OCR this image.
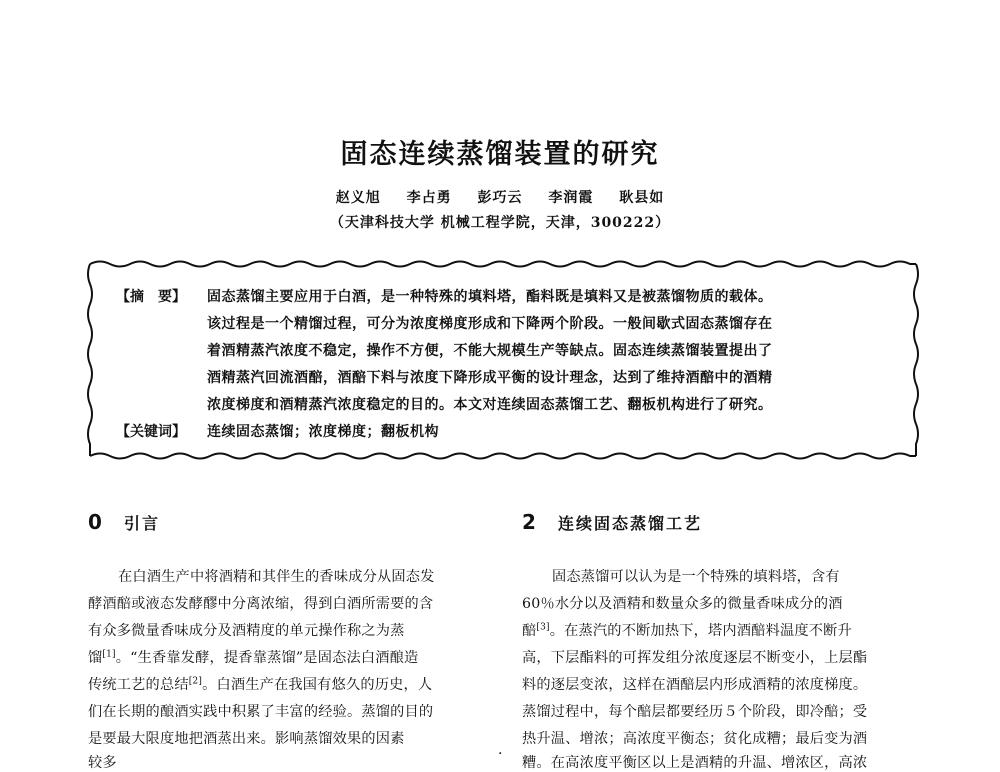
固态连续蒸馏装置的研究
赵义旭 李占勇 彭巧云 李润霞 耿县如
（天津科技大学 机械工程学院，天津，300222）
【摘　要】 固态蒸馏主要应用于白酒，是一种特殊的填料塔，酯料既是填料又是被蒸馏物质的载体。
该过程是一个精馏过程，可分为浓度梯度形成和下降两个阶段。一般间歇式固态蒸馏存在
着酒精蒸汽浓度不稳定，操作不方便，不能大规模生产等缺点。固态连续蒸馏装置提出了
酒精蒸汽回流酒醅，酒醅下料与浓度下降形成平衡的设计理念，达到了维持酒醅中的酒精
浓度梯度和酒精蒸汽浓度稳定的目的。本文对连续固态蒸馏工艺、翻板机构进行了研究。
【关键词】 连续固态蒸馏；浓度梯度；翻板机构
0 引言
在白酒生产中将酒精和其伴生的香味成分从固态发
酵酒醅或液态发酵醪中分离浓缩，得到白酒所需要的含
有众多微量香味成分及酒精度的单元操作称之为蒸
馏[1]。“生香靠发酵，提香靠蒸馏”是固态法白酒酿造
传统工艺的总结[2]。白酒生产在我国有悠久的历史，人
们在长期的酿酒实践中积累了丰富的经验。蒸馏的目的
是要最大限度地把酒蒸出来。影响蒸馏效果的因素
较多
2 连续固态蒸馏工艺
固态蒸馏可以认为是一个特殊的填料塔，含有
60％水分以及酒精和数量众多的微量香味成分的酒
醅[3]。在蒸汽的不断加热下，塔内酒醅料温度不断升
高，下层酯料的可挥发组分浓度逐层不断变小，上层酯
料的逐层变浓，这样在酒醅层内形成酒精的浓度梯度。
蒸馏过程中，每个醅层都要经历５个阶段，即冷醅；受
热升温、增浓；高浓度平衡态；贫化成糟；最后变为酒
糟。在高浓度平衡区以上是酒精的升温、增浓区，高浓
.
